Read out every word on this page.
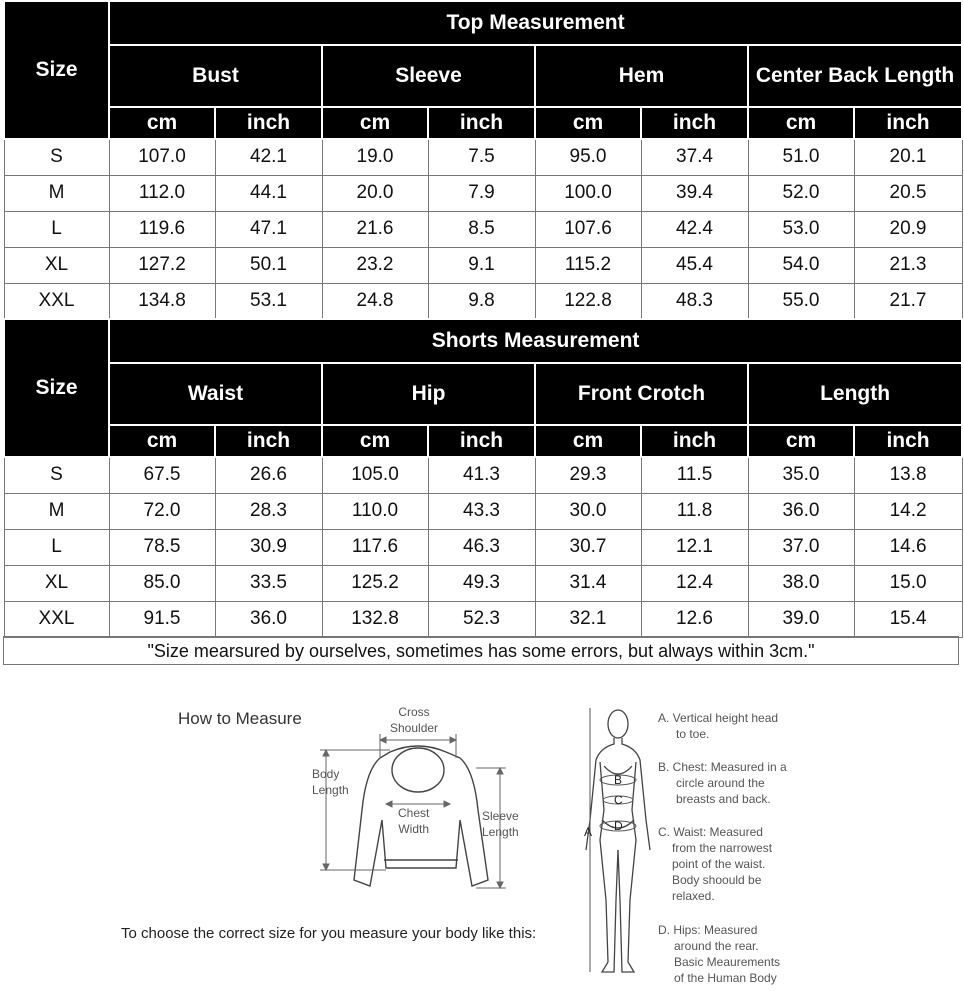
Size	Top Measurement							
	Bust		Sleeve		Hem		Center Back Length	
	cm	inch	cm	inch	cm	inch	cm	inch
S	107.0	42.1	19.0	7.5	95.0	37.4	51.0	20.1
M	112.0	44.1	20.0	7.9	100.0	39.4	52.0	20.5
L	119.6	47.1	21.6	8.5	107.6	42.4	53.0	20.9
XL	127.2	50.1	23.2	9.1	115.2	45.4	54.0	21.3
XXL	134.8	53.1	24.8	9.8	122.8	48.3	55.0	21.7
Size	Shorts Measurement							
	Waist		Hip		Front Crotch		Length	
	cm	inch	cm	inch	cm	inch	cm	inch
S	67.5	26.6	105.0	41.3	29.3	11.5	35.0	13.8
M	72.0	28.3	110.0	43.3	30.0	11.8	36.0	14.2
L	78.5	30.9	117.6	46.3	30.7	12.1	37.0	14.6
XL	85.0	33.5	125.2	49.3	31.4	12.4	38.0	15.0
XXL	91.5	36.0	132.8	52.3	32.1	12.6	39.0	15.4
"Size mearsured by ourselves, sometimes has some errors, but always within 3cm."
How to Measure	Cross
Shoulder
Body
Length
Chest
Width
Sleeve
Length
To choose the correct size for you measure your body like this:
A
B
C
D
A. Vertical height head
to toe.
B. Chest: Measured in a
circle around the
breasts and back.
C. Waist: Measured
from the narrowest
point of the waist.
Body shoould be
relaxed.
D. Hips: Measured
around the rear.
Basic Meaurements
of the Human Body
